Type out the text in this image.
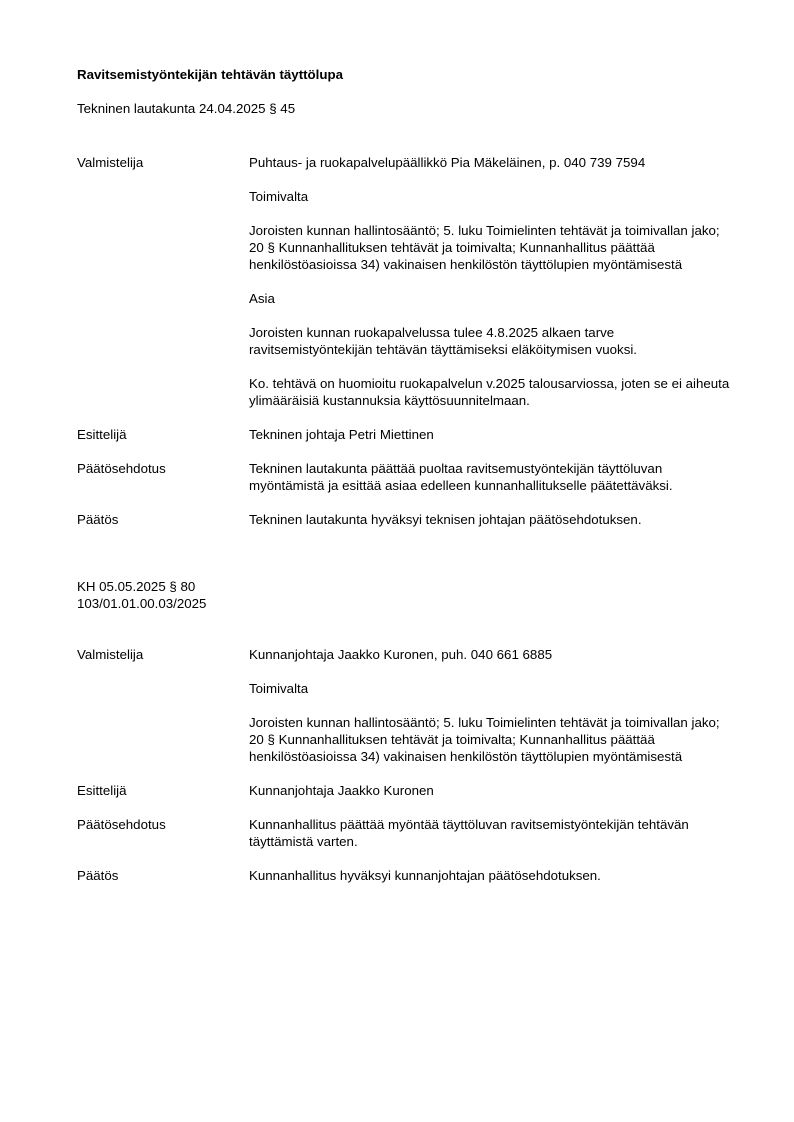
Ravitsemistyöntekijän tehtävän täyttölupa
Tekninen lautakunta 24.04.2025 § 45
Valmistelija	Puhtaus- ja ruokapalvelupäällikkö Pia Mäkeläinen, p. 040 739 7594

Toimivalta

Joroisten kunnan hallintosääntö; 5. luku Toimielinten tehtävät ja toimivallan jako; 20 § Kunnanhallituksen tehtävät ja toimivalta; Kunnanhallitus päättää henkilöstöasioissa 34) vakinaisen henkilöstön täyttölupien myöntämisestä

Asia

Joroisten kunnan ruokapalvelussa tulee 4.8.2025 alkaen tarve ravitsemistyöntekijän tehtävän täyttämiseksi eläköitymisen vuoksi.

Ko. tehtävä on huomioitu ruokapalvelun v.2025 talousarviossa, joten se ei aiheuta ylimääräisiä kustannuksia käyttösuunnitelmaan.

Esittelijä	Tekninen johtaja Petri Miettinen
Päätösehdotus	Tekninen lautakunta päättää puoltaa ravitsemustyöntekijän täyttöluvan myöntämistä ja esittää asiaa edelleen kunnanhallitukselle päätettäväksi.
Päätös	Tekninen lautakunta hyväksyi teknisen johtajan päätösehdotuksen.
KH 05.05.2025 § 80
103/01.01.00.03/2025
Valmistelija	Kunnanjohtaja Jaakko Kuronen, puh. 040 661 6885

Toimivalta

Joroisten kunnan hallintosääntö; 5. luku Toimielinten tehtävät ja toimivallan jako; 20 § Kunnanhallituksen tehtävät ja toimivalta; Kunnanhallitus päättää henkilöstöasioissa 34) vakinaisen henkilöstön täyttölupien myöntämisestä

Esittelijä	Kunnanjohtaja Jaakko Kuronen
Päätösehdotus	Kunnanhallitus päättää myöntää täyttöluvan ravitsemistyöntekijän tehtävän täyttämistä varten.
Päätös	Kunnanhallitus hyväksyi kunnanjohtajan päätösehdotuksen.
